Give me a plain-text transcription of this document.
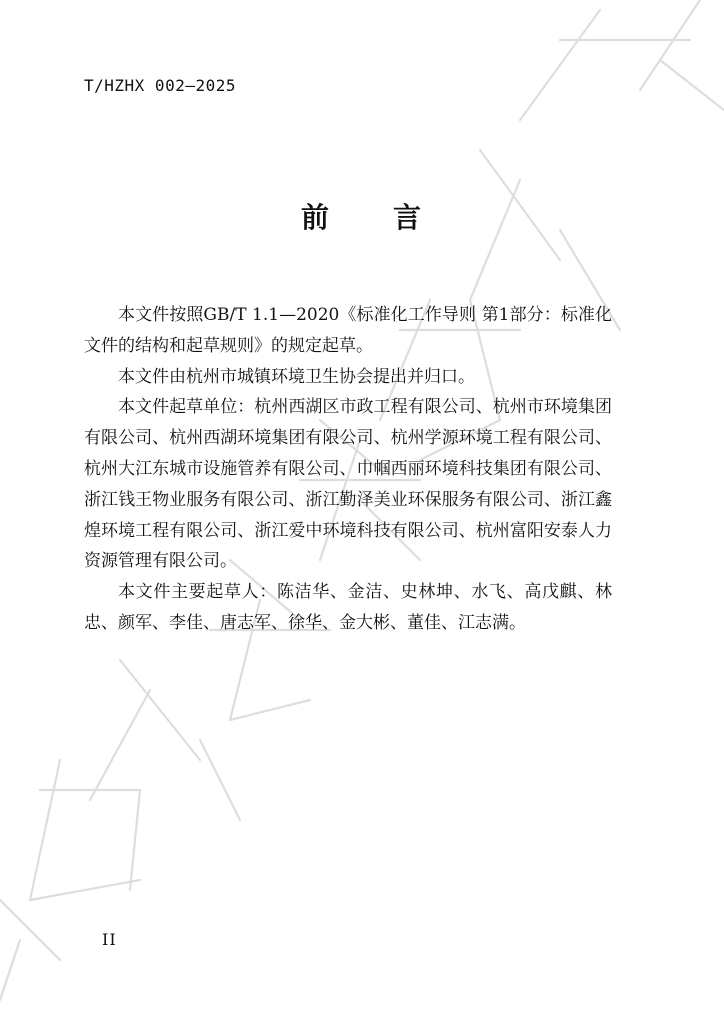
T/HZHX 002—2025
前 言

本文件按照GB/T 1.1—2020《标准化工作导则 第1部分：标准化文件的结构和起草规则》的规定起草。

本文件由杭州市城镇环境卫生协会提出并归口。

本文件起草单位：杭州西湖区市政工程有限公司、杭州市环境集团有限公司、杭州西湖环境集团有限公司、杭州学源环境工程有限公司、杭州大江东城市设施管养有限公司、巾帼西丽环境科技集团有限公司、浙江钱王物业服务有限公司、浙江勤泽美业环保服务有限公司、浙江鑫煌环境工程有限公司、浙江爱中环境科技有限公司、杭州富阳安泰人力资源管理有限公司。

本文件主要起草人：陈洁华、金洁、史林坤、水飞、高戊麒、林忠、颜军、李佳、唐志军、徐华、金大彬、董佳、江志满。

II
